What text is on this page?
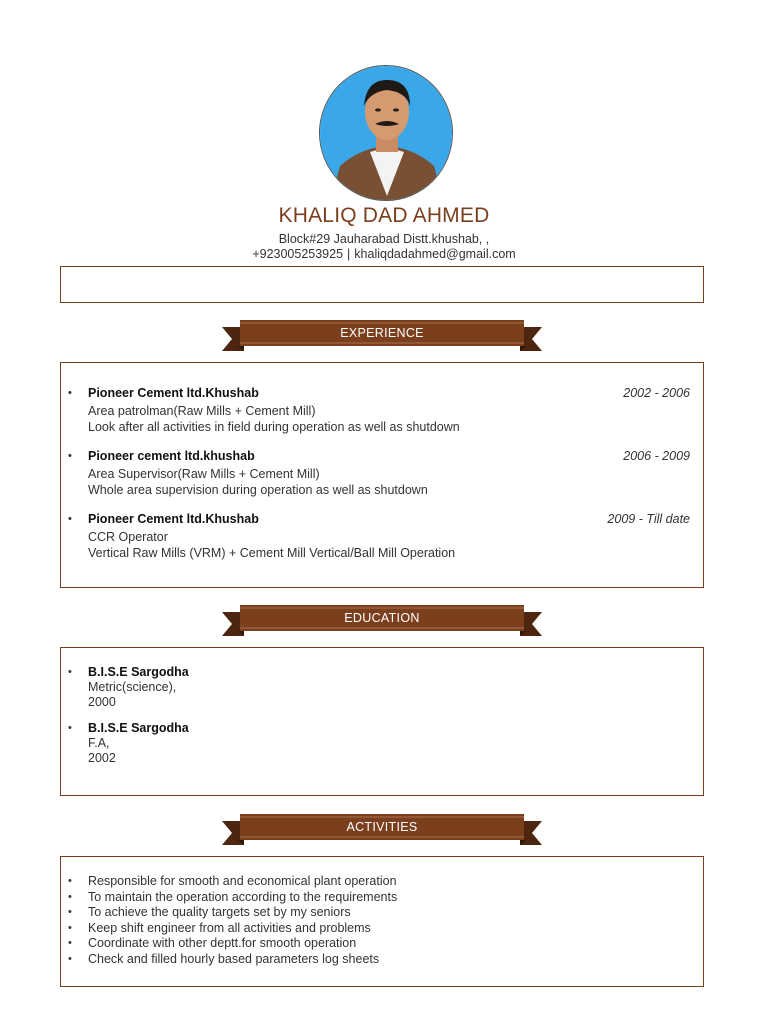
KHALIQ DAD AHMED
Block#29 Jauharabad Distt.khushab, ,
+923005253925 | khaliqdadahmed@gmail.com
EXPERIENCE
• Pioneer Cement ltd.Khushab	2002 - 2006
Area patrolman(Raw Mills + Cement Mill)
Look after all activities in field during operation as well as shutdown
• Pioneer cement ltd.khushab	2006 - 2009
Area Supervisor(Raw Mills + Cement Mill)
Whole area supervision during operation as well as shutdown
• Pioneer Cement ltd.Khushab	2009 - Till date
CCR Operator
Vertical Raw Mills (VRM) + Cement Mill Vertical/Ball Mill Operation
EDUCATION
• B.I.S.E Sargodha
Metric(science),
2000
• B.I.S.E Sargodha
F.A,
2002
ACTIVITIES
• Responsible for smooth and economical plant operation
• To maintain the operation according to the requirements
• To achieve the quality targets set by my seniors
• Keep shift engineer from all activities and problems
• Coordinate with other deptt.for smooth operation
• Check and filled hourly based parameters log sheets
